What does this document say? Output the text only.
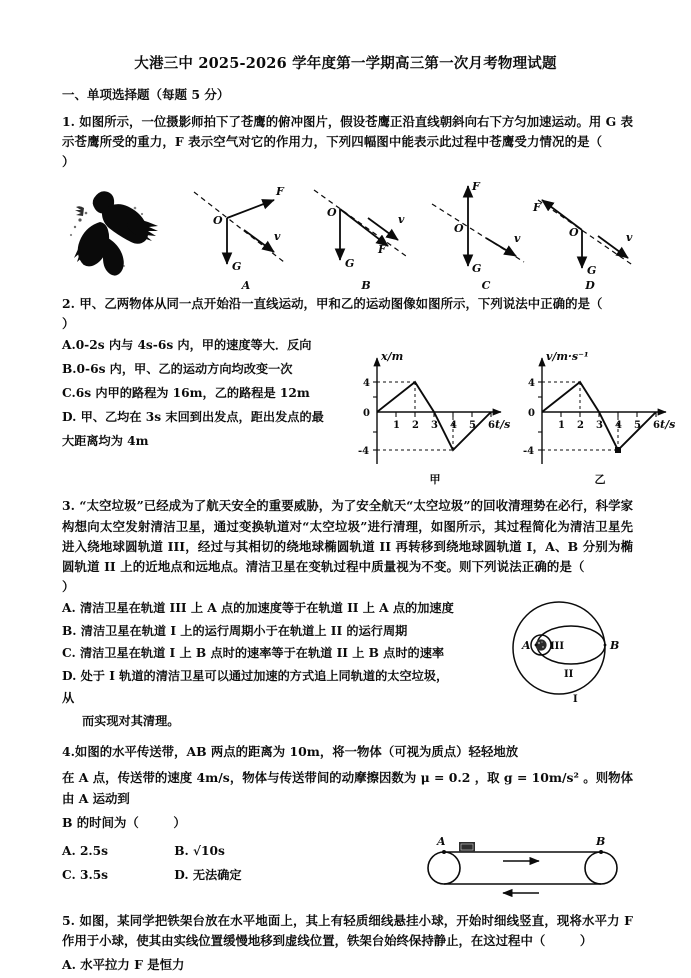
大港三中 2025-2026 学年度第一学期高三第一次月考物理试题
一、单项选择题（每题 5 分）
1. 如图所示，一位摄影师拍下了苍鹰的俯冲图片，假设苍鹰正沿直线朝斜向右下方匀加速运动。用 G 表示苍鹰所受的重力，F 表示空气对它的作用力，下列四幅图中能表示此过程中苍鹰受力情况的是（     ）
F
O
G
v
A
O
G
F
v
B
F
O
G
v
C
F
O
G
v
D
2. 甲、乙两物体从同一点开始沿一直线运动，甲和乙的运动图像如图所示，下列说法中正确的是（     ）
A.0-2s 内与 4s-6s 内，甲的速度等大．反向
B.0-6s 内，甲、乙的运动方向均改变一次
C.6s 内甲的路程为 16m，乙的路程是 12m
D. 甲、乙均在 3s 末回到出发点，距出发点的最
大距离均为 4m
1 2 3 4 5 6
4
0
-4
x/m
t/s
甲
1 2 3 4 5 6
4
0
-4
v/m·s⁻¹
t/s
乙
3. “太空垃圾”已经成为了航天安全的重要威胁，为了安全航天“太空垃圾”的回收清理势在必行，科学家构想向太空发射清洁卫星，通过变换轨道对“太空垃圾”进行清理，如图所示，其过程简化为清洁卫星先进入绕地球圆轨道 III，经过与其相切的绕地球椭圆轨道 II 再转移到绕地球圆轨道 I，A、B 分别为椭圆轨道 II 上的近地点和远地点。清洁卫星在变轨过程中质量视为不变。则下列说法正确的是（       ）
A. 清洁卫星在轨道 III 上 A 点的加速度等于在轨道 II 上 A 点的加速度
B. 清洁卫星在轨道 I 上的运行周期小于在轨道上 II 的运行周期
C. 清洁卫星在轨道 I 上 B 点时的速率等于在轨道 II 上 B 点时的速率
D. 处于 I 轨道的清洁卫星可以通过加速的方式追上同轨道的太空垃圾，从
而实现对其清理。
A III	B
II
I
4.如图的水平传送带，AB 两点的距离为 10m，将一物体（可视为质点）轻轻地放
在 A 点，传送带的速度 4m/s，物体与传送带间的动摩擦因数为 μ = 0.2 ，取 g = 10m/s² 。则物体由 A 运动到
B 的时间为（	）
A. 2.5s	B. √10s
C. 3.5s	D. 无法确定
A	B
5. 如图，某同学把铁架台放在水平地面上，其上有轻质细线悬挂小球，开始时细线竖直，现将水平力 F 作用于小球，使其由实线位置缓慢地移到虚线位置，铁架台始终保持静止，在这过程中（	）
A. 水平拉力 F 是恒力
